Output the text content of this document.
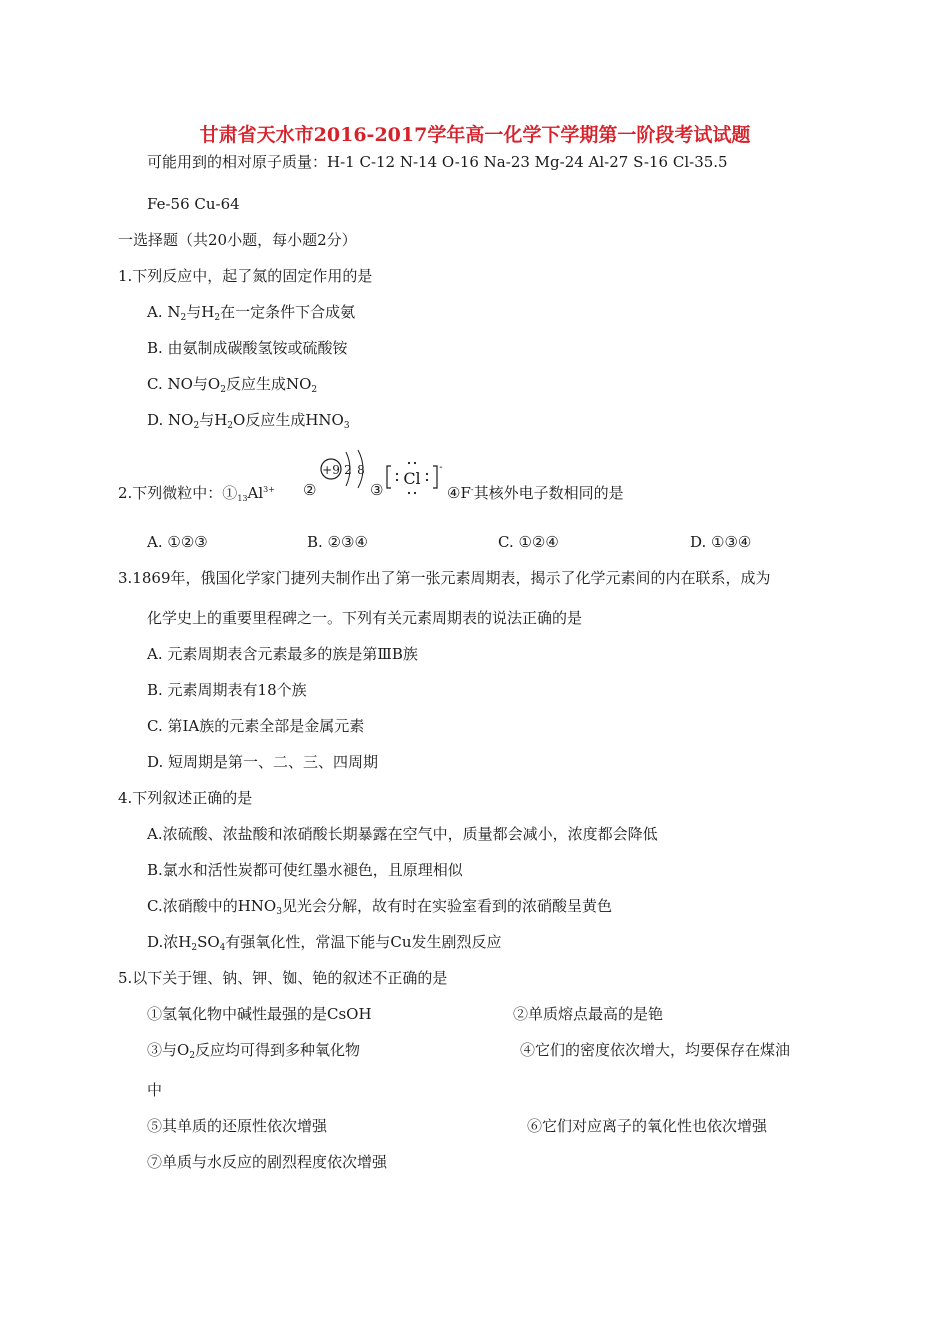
甘肃省天水市2016-2017学年高一化学下学期第一阶段考试试题
可能用到的相对原子质量：H-1 C-12 N-14 O-16 Na-23 Mg-24 Al-27 S-16 Cl-35.5
Fe-56 Cu-64
一选择题（共20小题，每小题2分）
1.下列反应中，起了氮的固定作用的是
A. $N_2$与$H_2$在一定条件下合成氨
B. 由氨制成碳酸氢铵或硫酸铵
C. NO与$O_2$反应生成$NO_2$
D. $NO_2$与$H_2O$反应生成$HNO_3$
2.下列微粒中：$①_{13}Al^{3+}$ ②
+9 2 8
③
Cl
-
④F-其核外电子数相同的是
A. ①②③	B. ②③④	C. ①②④	D. ①③④
3.1869年，俄国化学家门捷列夫制作出了第一张元素周期表，揭示了化学元素间的内在联系，成为
化学史上的重要里程碑之一。下列有关元素周期表的说法正确的是
A. 元素周期表含元素最多的族是第ⅢB族
B. 元素周期表有18个族
C. 第ⅠA族的元素全部是金属元素
D. 短周期是第一、二、三、四周期
4.下列叙述正确的是
A.浓硫酸、浓盐酸和浓硝酸长期暴露在空气中，质量都会减小，浓度都会降低
B.氯水和活性炭都可使红墨水褪色，且原理相似
C.浓硝酸中的$HNO_3$见光会分解，故有时在实验室看到的浓硝酸呈黄色
D.浓$H_2SO_4$有强氧化性，常温下能与Cu发生剧烈反应
5.以下关于锂、钠、钾、铷、铯的叙述不正确的是
①氢氧化物中碱性最强的是CsOH	②单质熔点最高的是铯
③与$O_2$反应均可得到多种氧化物	④它们的密度依次增大，均要保存在煤油
中
⑤其单质的还原性依次增强	⑥它们对应离子的氧化性也依次增强
⑦单质与水反应的剧烈程度依次增强
